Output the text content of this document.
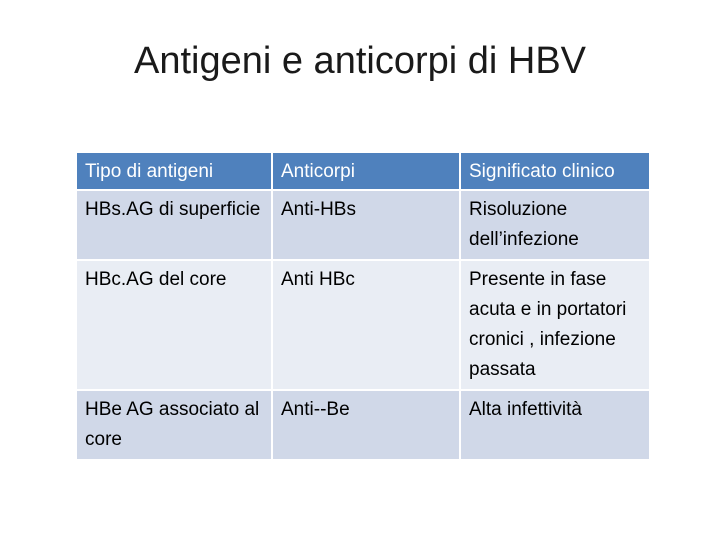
Antigeni e anticorpi di HBV
Tipo di antigeni	Anticorpi	Significato clinico
HBs.AG di superficie	Anti-HBs	Risoluzione dell’infezione
HBc.AG del core	Anti HBc	Presente in fase acuta e in portatori cronici , infezione passata
HBe AG associato al core	Anti--Be	Alta infettività
